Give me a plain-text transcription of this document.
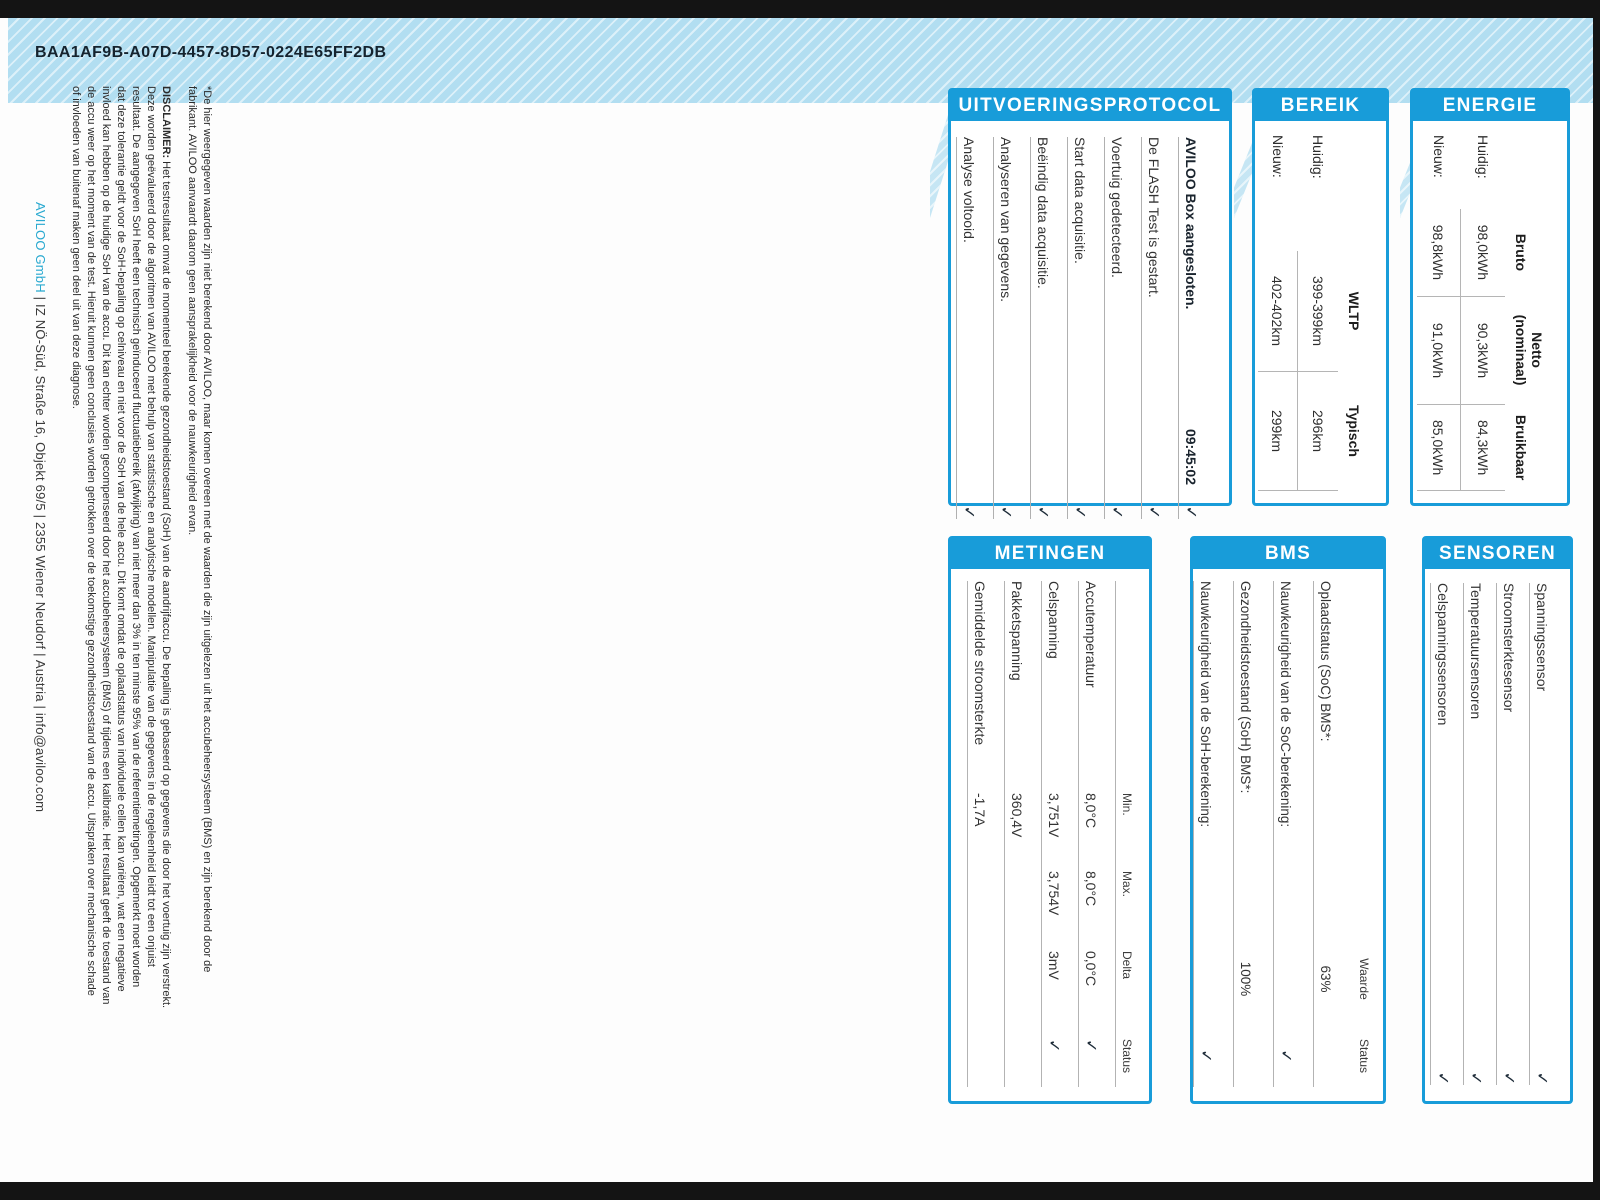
BAA1AF9B-A07D-4457-8D57-0224E65FF2DB
UITVOERINGSPROTOCOL
AVILOO Box aangesloten.
09:45:02
✓
De FLASH Test is gestart.
✓
Voertuig gedetecteerd.
✓
Start data acquisitie.
✓
Beëindig data acquisitie.
✓
Analyseren van gegevens.
✓
Analyse voltooid.
✓
BEREIK
WLTP
Typisch
Huidig:
399-399km
296km
Nieuw:
402-402km
299km
ENERGIE
Bruto
Netto (nominaal)
Bruikbaar
Huidig:
98,0kWh
90,3kWh
84,3kWh
Nieuw:
98,8kWh
91,0kWh
85,0kWh
METINGEN
Min.
Max.
Delta
Status
Accutemperatuur
8,0°C
8,0°C
0,0°C
✓
Celspanning
3,751V
3,754V
3mV
✓
Pakketspanning
360,4V
Gemiddelde stroomsterkte
-1,7A
BMS
Waarde
Status
Oplaadstatus (SoC) BMS*:
63%
Nauwkeurigheid van de SoC-berekening:
✓
Gezondheidstoestand (SoH) BMS*:
100%
Nauwkeurigheid van de SoH-berekening:
✓
SENSOREN
Spanningssensor
✓
Stroomsterktesensor
✓
Temperatuursensoren
✓
Celspanningssensoren
✓
*De hier weergegeven waarden zijn niet berekend door AVILOO, maar komen overeen met de waarden die zijn uitgelezen uit het accubeheersysteem (BMS) en zijn berekend door de
fabrikant. AVILOO aanvaardt daarom geen aansprakelijkheid voor de nauwkeurigheid ervan.
DISCLAIMER: Het testresultaat omvat de momenteel berekende gezondheidstoestand (SoH) van de aandrijfaccu. De bepaling is gebaseerd op gegevens die door het voertuig zijn verstrekt.
Deze worden geëvalueerd door de algoritmen van AVILOO met behulp van statistische en analytische modellen. Manipulatie van de gegevens in de regeleenheid leidt tot een onjuist
resultaat. De aangegeven SoH heeft een technisch geïnduceerd fluctuatiebereik (afwijking) van niet meer dan 3% in ten minste 95% van de referentiemetingen. Opgemerkt moet worden
dat deze tolerantie geldt voor de SoH-bepaling op celniveau en niet voor de SoH van de hele accu. Dit komt omdat de oplaadstatus van individuele cellen kan variëren, wat een negatieve
invloed kan hebben op de huidige SoH van de accu. Dit kan echter worden gecompenseerd door het accubeheersysteem (BMS) of tijdens een kalibratie. Het resultaat geeft de toestand van
de accu weer op het moment van de test. Hieruit kunnen geen conclusies worden getrokken over de toekomstige gezondheidstoestand van de accu. Uitspraken over mechanische schade
of invloeden van buitenaf maken geen deel uit van deze diagnose.
AVILOO GmbH | IZ NÖ-Süd, Straße 16, Objekt 69/5 | 2355 Wiener Neudorf | Austria | info@aviloo.com
